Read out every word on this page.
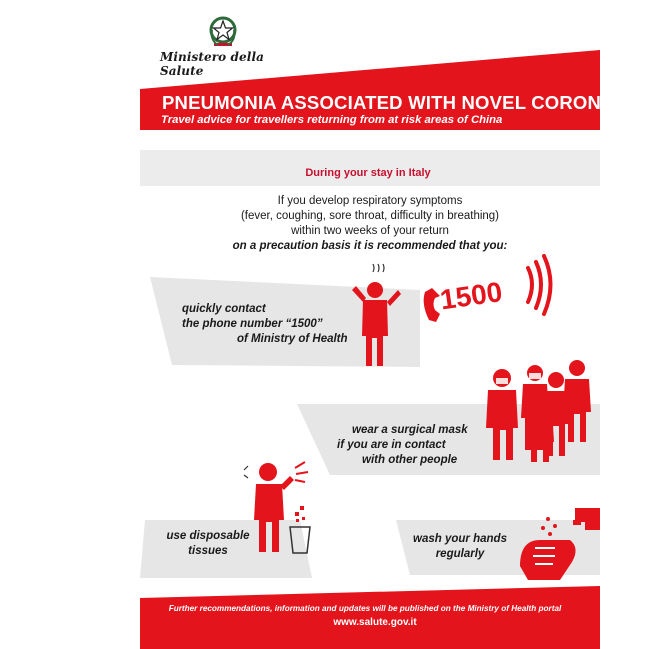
Ministero della Salute
PNEUMONIA ASSOCIATED WITH NOVEL CORONAVIRUS
Travel advice for travellers returning from at risk areas of China
During your stay in Italy
If you develop respiratory symptoms
(fever, coughing, sore throat, difficulty in breathing)
within two weeks of your return
on a precaution basis it is recommended that you:
quickly contact
the phone number “1500”
of Ministry of Health
1500
wear a surgical mask
if you are in contact
with other people
use disposable
tissues
wash your hands
regularly
Further recommendations, information and updates will be published on the Ministry of Health portal
www.salute.gov.it
